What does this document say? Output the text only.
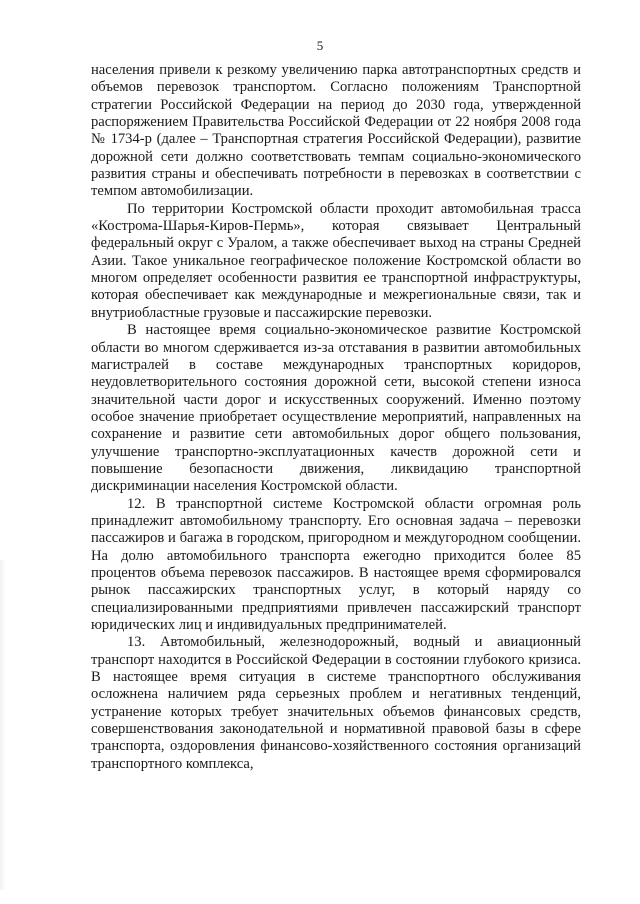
5

населения привели к резкому увеличению парка автотранспортных средств и объемов перевозок транспортом. Согласно положениям Транспортной стратегии Российской Федерации на период до 2030 года, утвержденной распоряжением Правительства Российской Федерации от 22 ноября 2008 года № 1734-р (далее – Транспортная стратегия Российской Федерации), развитие дорожной сети должно соответствовать темпам социально-экономического развития страны и обеспечивать потребности в перевозках в соответствии с темпом автомобилизации.

По территории Костромской области проходит автомобильная трасса «Кострома-Шарья-Киров-Пермь», которая связывает Центральный федеральный округ с Уралом, а также обеспечивает выход на страны Средней Азии. Такое уникальное географическое положение Костромской области во многом определяет особенности развития ее транспортной инфраструктуры, которая обеспечивает как международные и межрегиональные связи, так и внутриобластные грузовые и пассажирские перевозки.

В настоящее время социально-экономическое развитие Костромской области во многом сдерживается из-за отставания в развитии автомобильных магистралей в составе международных транспортных коридоров, неудовлетворительного состояния дорожной сети, высокой степени износа значительной части дорог и искусственных сооружений. Именно поэтому особое значение приобретает осуществление мероприятий, направленных на сохранение и развитие сети автомобильных дорог общего пользования, улучшение транспортно-эксплуатационных качеств дорожной сети и повышение безопасности движения, ликвидацию транспортной дискриминации населения Костромской области.

12. В транспортной системе Костромской области огромная роль принадлежит автомобильному транспорту. Его основная задача – перевозки пассажиров и багажа в городском, пригородном и междугородном сообщении. На долю автомобильного транспорта ежегодно приходится более 85 процентов объема перевозок пассажиров. В настоящее время сформировался рынок пассажирских транспортных услуг, в который наряду со специализированными предприятиями привлечен пассажирский транспорт юридических лиц и индивидуальных предпринимателей.

13. Автомобильный, железнодорожный, водный и авиационный транспорт находится в Российской Федерации в состоянии глубокого кризиса. В настоящее время ситуация в системе транспортного обслуживания осложнена наличием ряда серьезных проблем и негативных тенденций, устранение которых требует значительных объемов финансовых средств, совершенствования законодательной и нормативной правовой базы в сфере транспорта, оздоровления финансово-хозяйственного состояния организаций транспортного комплекса,
